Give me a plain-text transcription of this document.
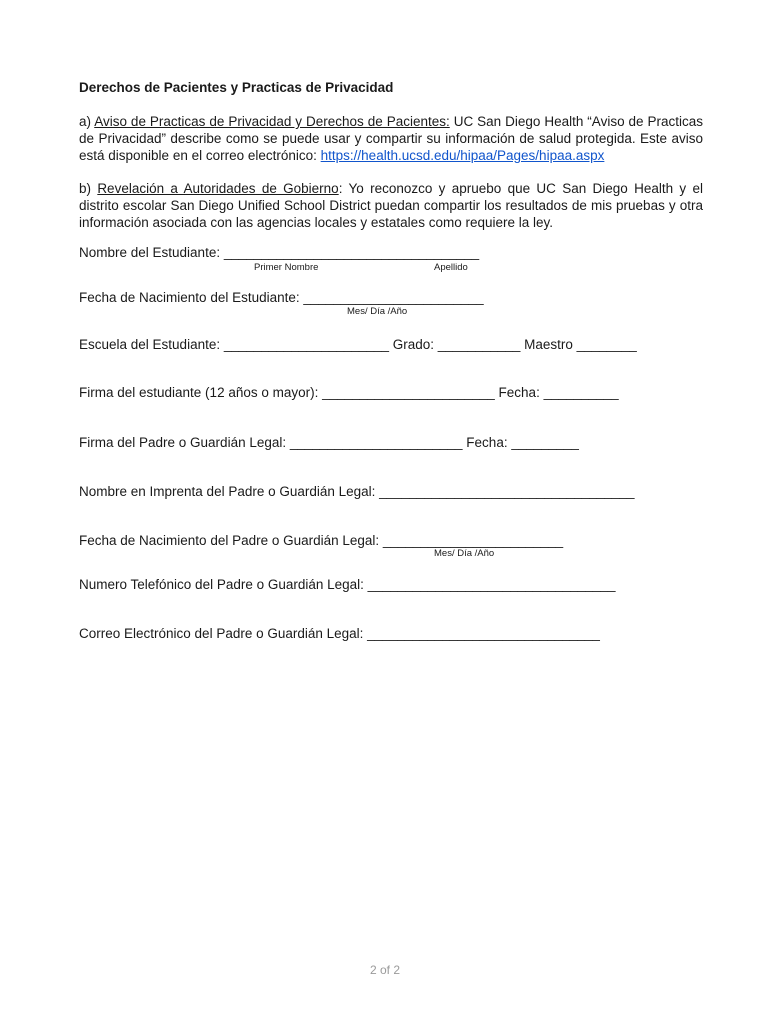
Derechos de Pacientes y Practicas de Privacidad
a) Aviso de Practicas de Privacidad y Derechos de Pacientes: UC San Diego Health “Aviso de Practicas de Privacidad” describe como se puede usar y compartir su información de salud protegida. Este aviso está disponible en el correo electrónico: https://health.ucsd.edu/hipaa/Pages/hipaa.aspx
b) Revelación a Autoridades de Gobierno: Yo reconozco y apruebo que UC San Diego Health y el distrito escolar San Diego Unified School District puedan compartir los resultados de mis pruebas y otra información asociada con las agencias locales y estatales como requiere la ley.
Nombre del Estudiante: __________________________________
Primer Nombre	Apellido
Fecha de Nacimiento del Estudiante: ________________________
Mes/ Día /Año
Escuela del Estudiante: ______________________ Grado: ___________ Maestro ________
Firma del estudiante (12 años o mayor): _______________________ Fecha: __________
Firma del Padre o Guardián Legal: _______________________ Fecha: _________
Nombre en Imprenta del Padre o Guardián Legal: __________________________________
Fecha de Nacimiento del Padre o Guardián Legal: ________________________
Mes/ Día /Año
Numero Telefónico del Padre o Guardián Legal: _________________________________
Correo Electrónico del Padre o Guardián Legal: _______________________________
2 of 2
